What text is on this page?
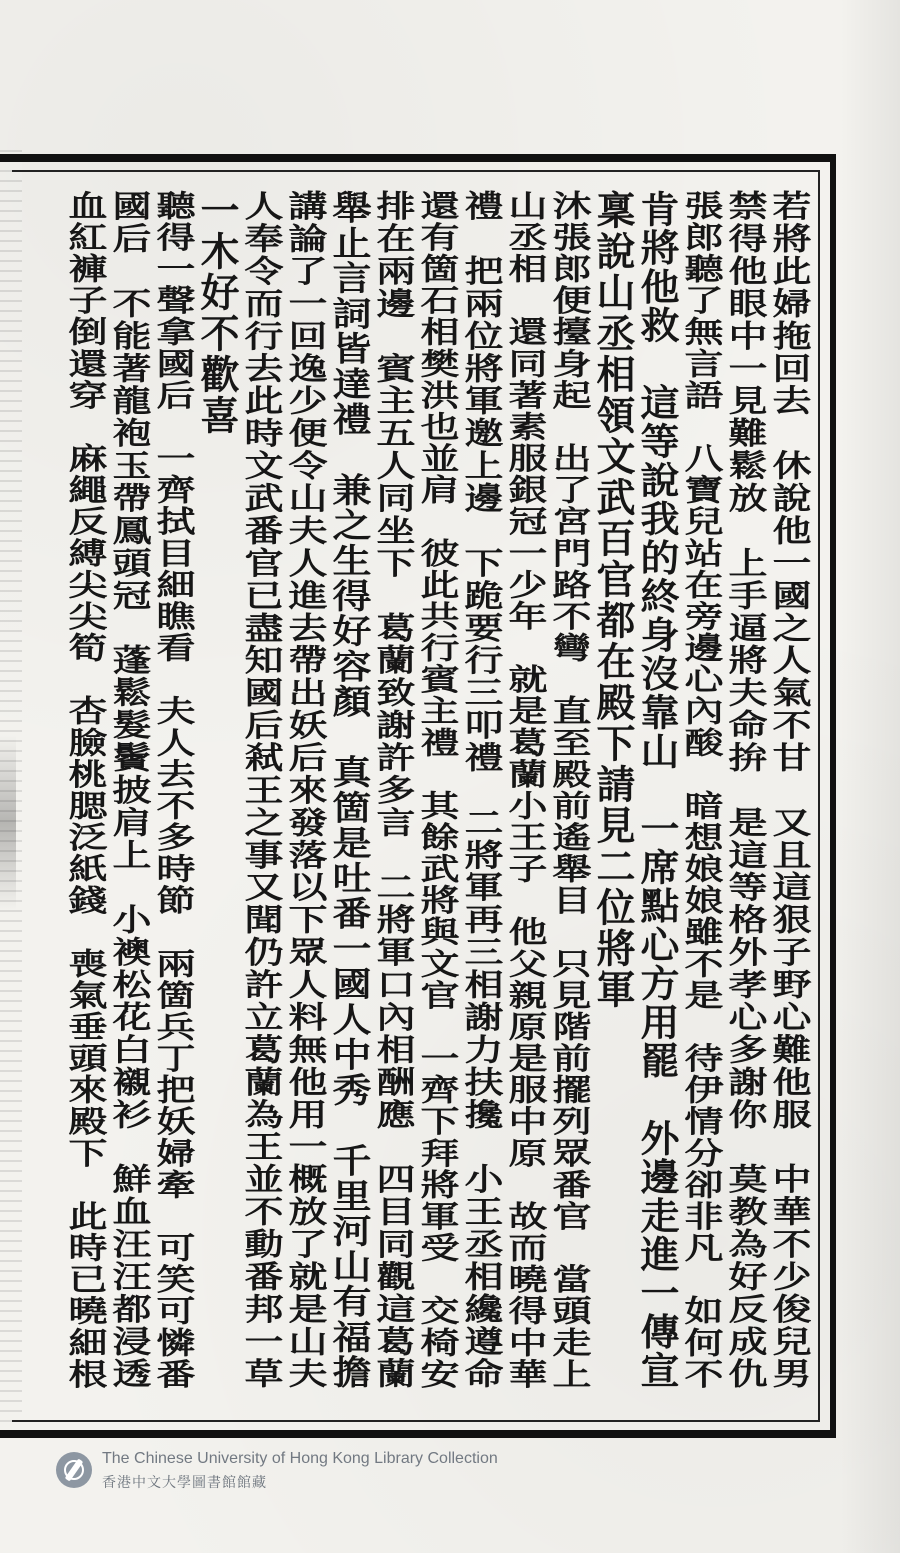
若將此婦拖回去　休說他一國之人氣不甘　又且這狠子野心難他服　中華不少俊兒男
禁得他眼中一見難鬆放　上手逼將夫命拚　是這等格外孝心多謝你　莫教為好反成仇
張郎聽了無言語　八寶兒站在旁邊心內酸　暗想娘娘雖不是　待伊情分卻非凡　如何不
肯將他救　這等說我的終身沒靠山　一席點心方用罷　外邊走進一傳宣
稟說山丞相領文武百官都在殿下請見二位將軍
沐張郎便擡身起　出了宮門路不彎　直至殿前遙舉目　只見階前擺列眾番官　當頭走上
山丞相　還同著素服銀冠一少年　就是葛蘭小王子　他父親原是服中原　故而曉得中華
禮　把兩位將軍邀上邊　下跪要行三叩禮　二將軍再三相謝力扶攙　小王丞相纔遵命
還有箇石相樊洪也並肩　彼此共行賓主禮　其餘武將與文官　一齊下拜將軍受　交椅安
排在兩邊　賓主五人同坐下　葛蘭致謝許多言　二將軍口內相酬應　四目同觀這葛蘭
舉止言詞皆達禮　兼之生得好容顏　真箇是吐番一國人中秀　千里河山有福擔
講論了一回逸少便令山夫人進去帶出妖后來發落以下眾人料無他用一概放了就是山夫
人奉令而行去此時文武番官已盡知國后弒王之事又聞仍許立葛蘭為王並不動番邦一草
一木好不歡喜
聽得一聲拿國后　一齊拭目細瞧看　夫人去不多時節　兩箇兵丁把妖婦牽　可笑可憐番
國后　不能著龍袍玉帶鳳頭冠　蓬鬆髮鬢披肩上　小襖松花白襯衫　鮮血汪汪都浸透
血紅褲子倒還穿　麻繩反縛尖尖筍　杏臉桃腮泛紙錢　喪氣垂頭來殿下　此時已曉細根
The Chinese University of Hong Kong Library Collection
香港中文大學圖書館館藏
